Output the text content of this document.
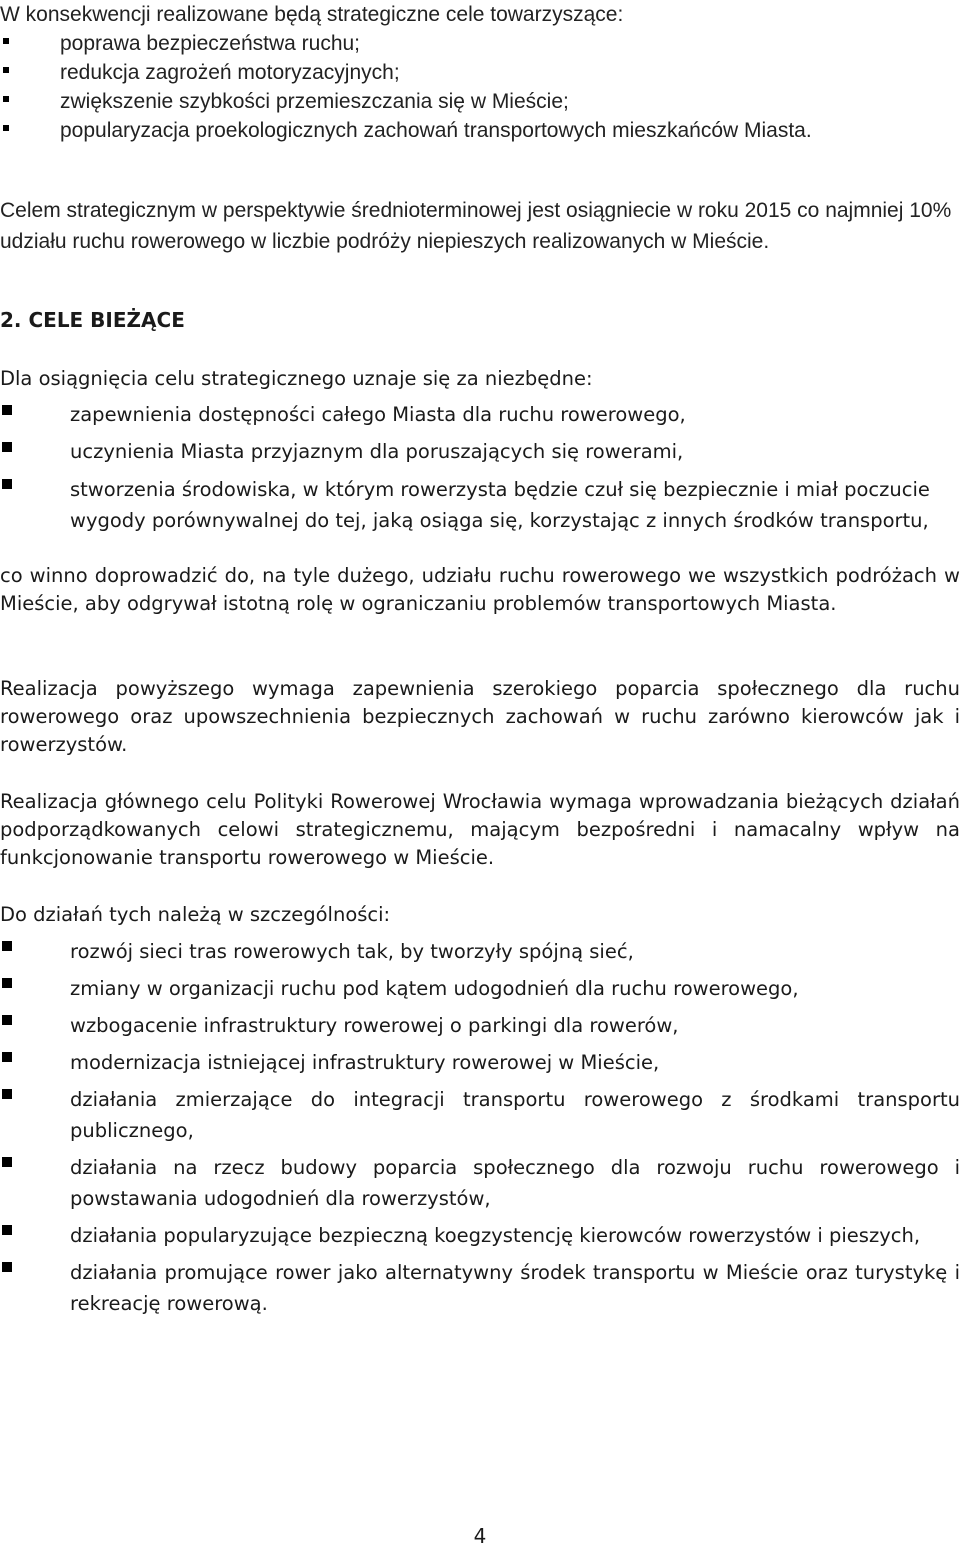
W konsekwencji realizowane będą strategiczne cele towarzyszące:

poprawa bezpieczeństwa ruchu;
redukcja zagrożeń motoryzacyjnych;
zwiększenie szybkości przemieszczania się w Mieście;
popularyzacja proekologicznych zachowań transportowych mieszkańców Miasta.

Celem strategicznym w perspektywie średnioterminowej jest osiągniecie w roku 2015 co najmniej 10% udziału ruchu rowerowego w liczbie podróży niepieszych realizowanych w Mieście.

2. CELE BIEŻĄCE

Dla osiągnięcia celu strategicznego uznaje się za niezbędne:

zapewnienia dostępności całego Miasta dla ruchu rowerowego,
uczynienia Miasta przyjaznym dla poruszających się rowerami,
stworzenia środowiska, w którym rowerzysta będzie czuł się bezpiecznie i miał poczucie wygody porównywalnej do tej, jaką osiąga się, korzystając z innych środków transportu,

co winno doprowadzić do, na tyle dużego, udziału ruchu rowerowego we wszystkich podróżach w Mieście, aby odgrywał istotną rolę w ograniczaniu problemów transportowych Miasta.

Realizacja powyższego wymaga zapewnienia szerokiego poparcia społecznego dla ruchu rowerowego oraz upowszechnienia bezpiecznych zachowań w ruchu zarówno kierowców jak i rowerzystów.

Realizacja głównego celu Polityki Rowerowej Wrocławia wymaga wprowadzania bieżących działań podporządkowanych celowi strategicznemu, mającym bezpośredni i namacalny wpływ na funkcjonowanie transportu rowerowego w Mieście.

Do działań tych należą w szczególności:

rozwój sieci tras rowerowych tak, by tworzyły spójną sieć,
zmiany w organizacji ruchu pod kątem udogodnień dla ruchu rowerowego,
wzbogacenie infrastruktury rowerowej o parkingi dla rowerów,
modernizacja istniejącej infrastruktury rowerowej w Mieście,
działania zmierzające do integracji transportu rowerowego z środkami transportu publicznego,
działania na rzecz budowy poparcia społecznego dla rozwoju ruchu rowerowego i powstawania udogodnień dla rowerzystów,
działania popularyzujące bezpieczną koegzystencję kierowców rowerzystów i pieszych,
działania promujące rower jako alternatywny środek transportu w Mieście oraz turystykę i rekreację rowerową.
4
